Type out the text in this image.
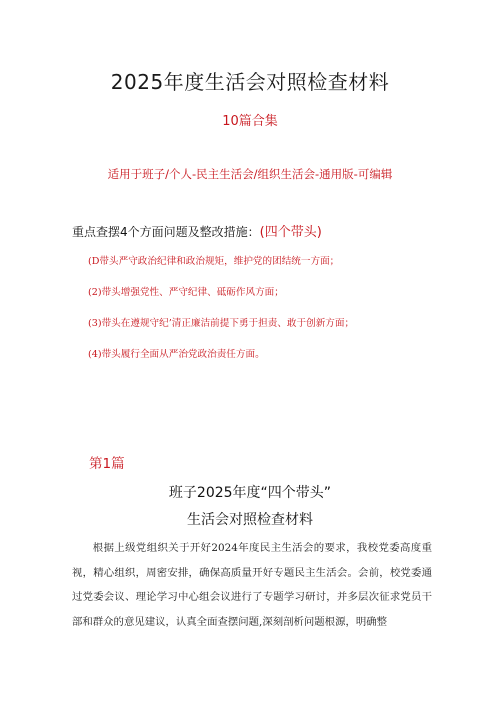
2025年度生活会对照检查材料
10篇合集
适用于班子/个人-民主生活会/组织生活会-通用版-可编辑
重点查摆4个方面问题及整改措施：(四个带头)
(D带头严守政治纪律和政治规矩，维护党的团结统一方面；
(2)带头增强党性、严守纪律、砥砺作风方面；
(3)带头在遵规守纪’清正廉洁前提下勇于担责、敢于创新方面；
(4)带头履行全面从严治党政治责任方面。
第1篇
班子2025年度“四个带头”
生活会对照检查材料

根据上级党组织关于开好2024年度民主生活会的要求，我校党委高度重视，精心组织，周密安排，确保高质量开好专题民主生活会。会前，校党委通过党委会议、理论学习中心组会议进行了专题学习研讨，并多层次征求党员干部和群众的意见建议，认真全面查摆问题,深刻剖析问题根源，明确整
